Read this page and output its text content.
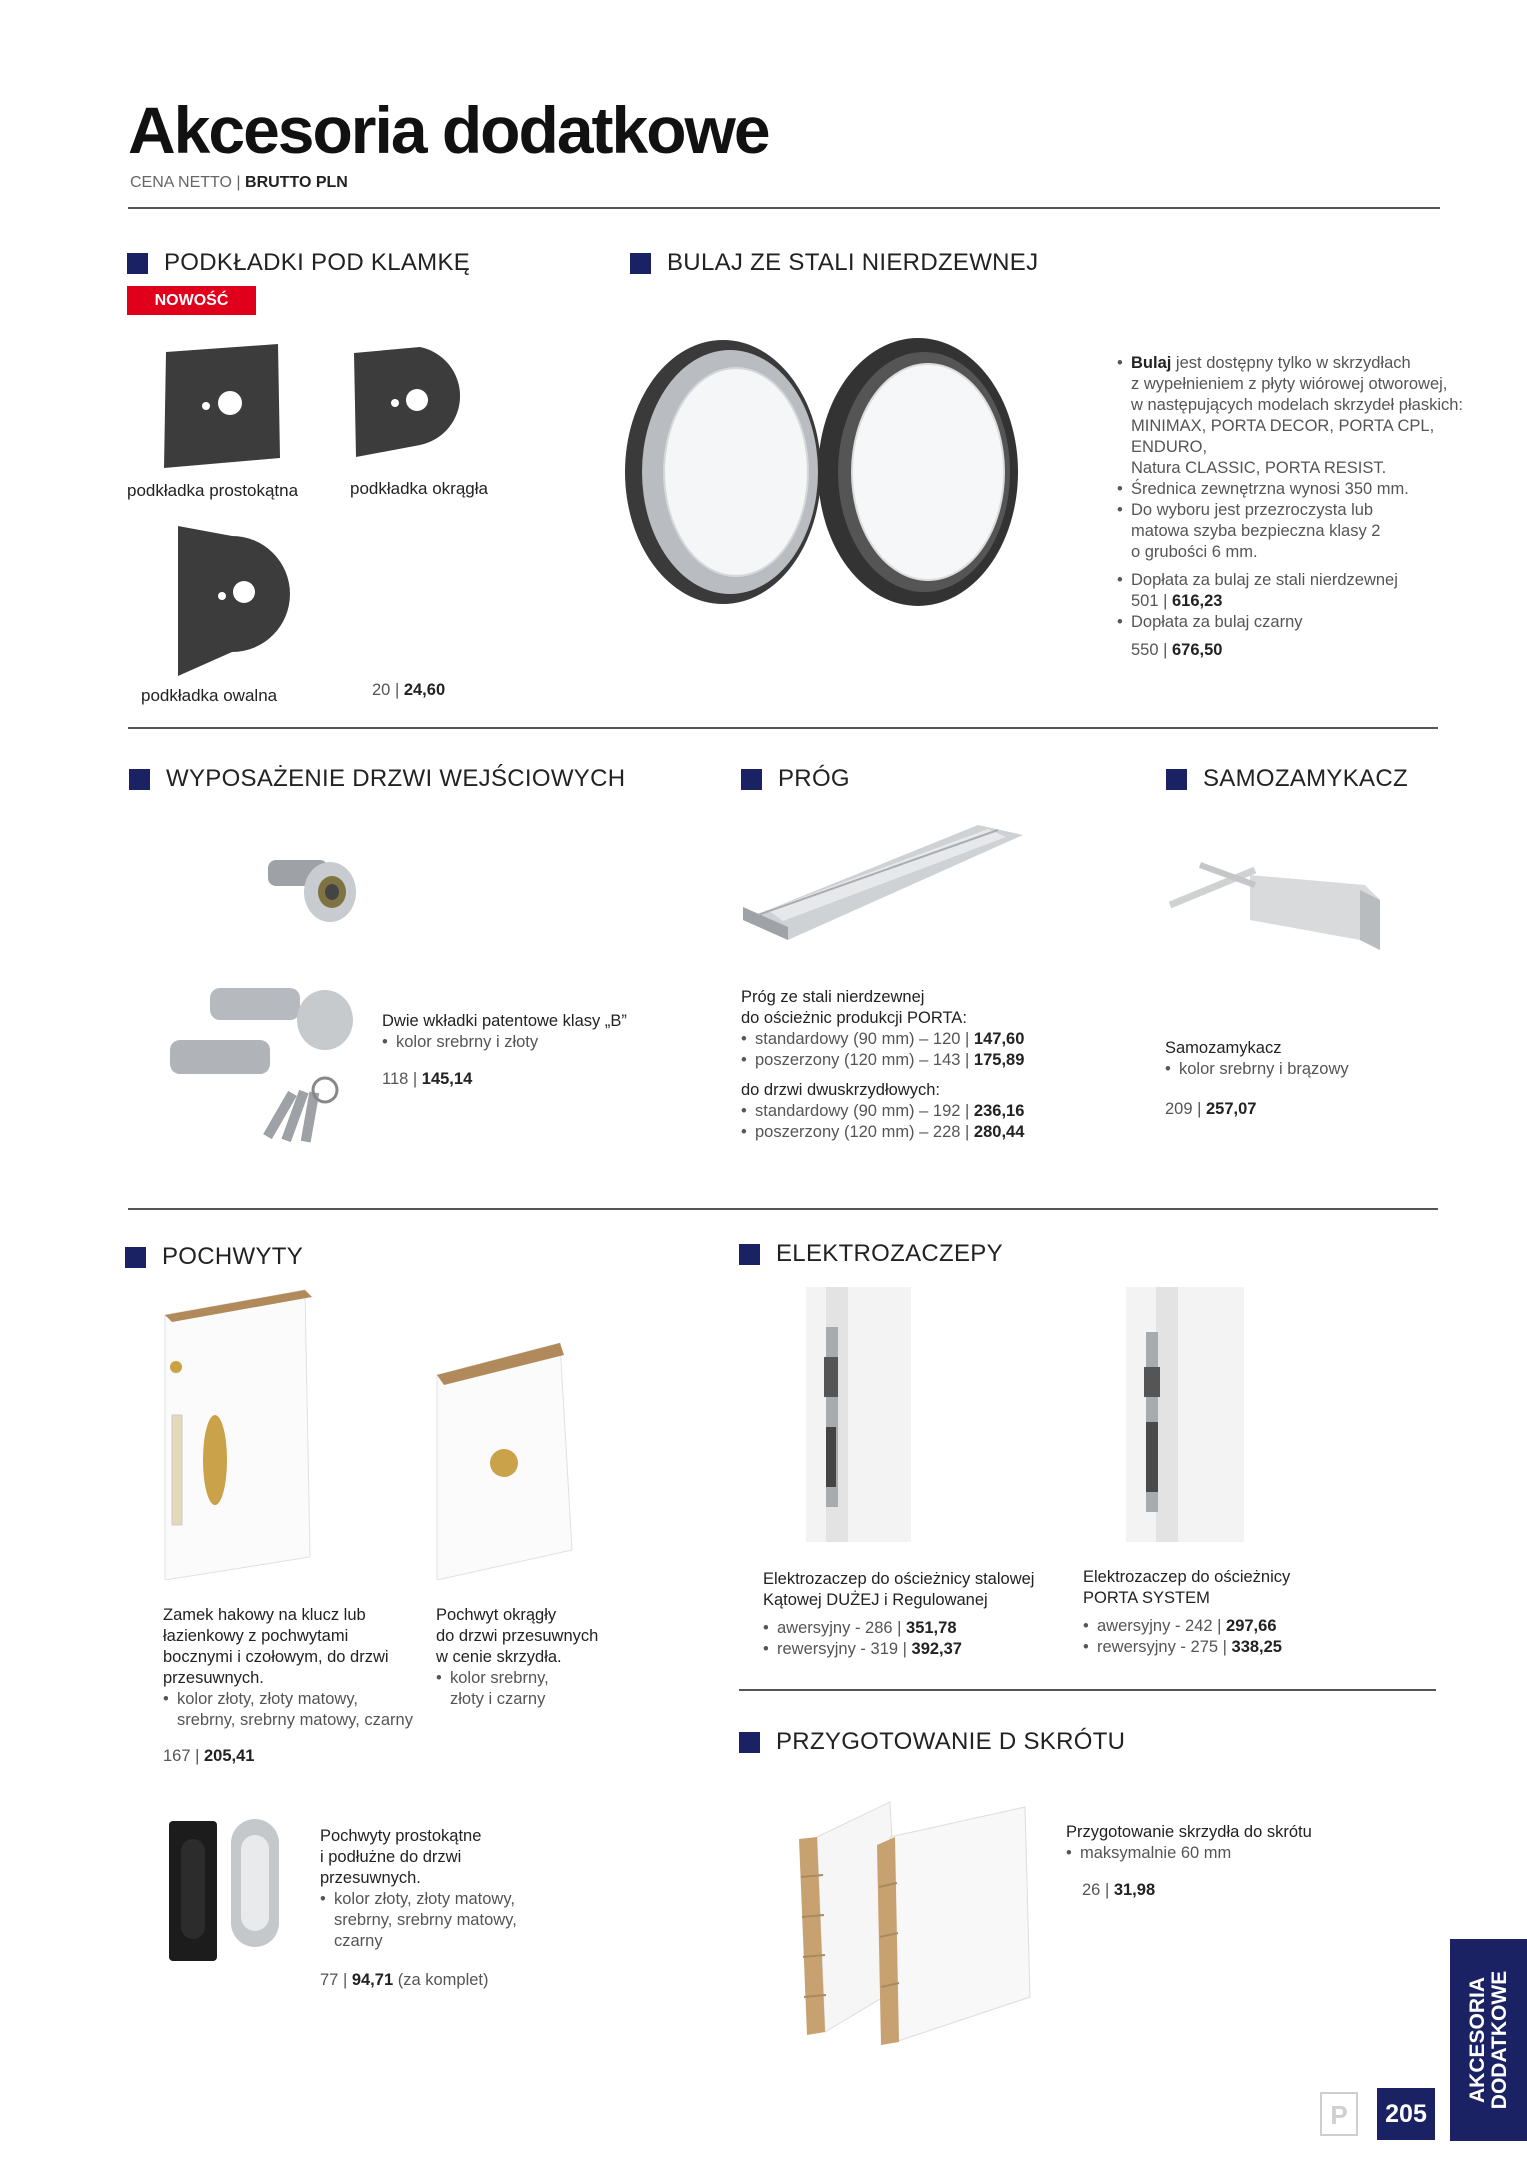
Akcesoria dodatkowe
CENA NETTO | BRUTTO PLN
PODKŁADKI POD KLAMKĘ
NOWOŚĆ
podkładka prostokątna	podkładka okrągła
podkładka owalna	20 | 24,60
BULAJ ZE STALI NIERDZEWNEJ
• Bulaj jest dostępny tylko w skrzydłach
z wypełnieniem z płyty wiórowej otworowej,
w następujących modelach skrzydeł płaskich:
MINIMAX, PORTA DECOR, PORTA CPL, ENDURO,
Natura CLASSIC, PORTA RESIST.
• Średnica zewnętrzna wynosi 350 mm.
• Do wyboru jest przezroczysta lub
matowa szyba bezpieczna klasy 2
o grubości 6 mm.
• Dopłata za bulaj ze stali nierdzewnej
501 | 616,23
• Dopłata za bulaj czarny
550 | 676,50
WYPOSAŻENIE DRZWI WEJŚCIOWYCH
Dwie wkładki patentowe klasy „B”
• kolor srebrny i złoty
118 | 145,14
PRÓG
Próg ze stali nierdzewnej
do ościeżnic produkcji PORTA:
• standardowy (90 mm) – 120 | 147,60
• poszerzony (120 mm) – 143 | 175,89
do drzwi dwuskrzydłowych:
• standardowy (90 mm) – 192 | 236,16
• poszerzony (120 mm) – 228 | 280,44
SAMOZAMYKACZ
Samozamykacz
• kolor srebrny i brązowy
209 | 257,07
POCHWYTY
Zamek hakowy na klucz lub
łazienkowy z pochwytami
bocznymi i czołowym, do drzwi
przesuwnych.
• kolor złoty, złoty matowy,
srebrny, srebrny matowy, czarny
167 | 205,41
Pochwyt okrągły
do drzwi przesuwnych
w cenie skrzydła.
• kolor srebrny,
złoty i czarny
Pochwyty prostokątne
i podłużne do drzwi
przesuwnych.
• kolor złoty, złoty matowy,
srebrny, srebrny matowy,
czarny
77 | 94,71 (za komplet)
ELEKTROZACZEPY
Elektrozaczep do ościeżnicy stalowej
Kątowej DUŻEJ i Regulowanej
• awersyjny - 286 | 351,78
• rewersyjny - 319 | 392,37
Elektrozaczep do ościeżnicy
PORTA SYSTEM
• awersyjny - 242 | 297,66
• rewersyjny - 275 | 338,25
PRZYGOTOWANIE D SKRÓTU
Przygotowanie skrzydła do skrótu
• maksymalnie 60 mm
26 | 31,98
P	205
AKCESORIA
DODATKOWE
